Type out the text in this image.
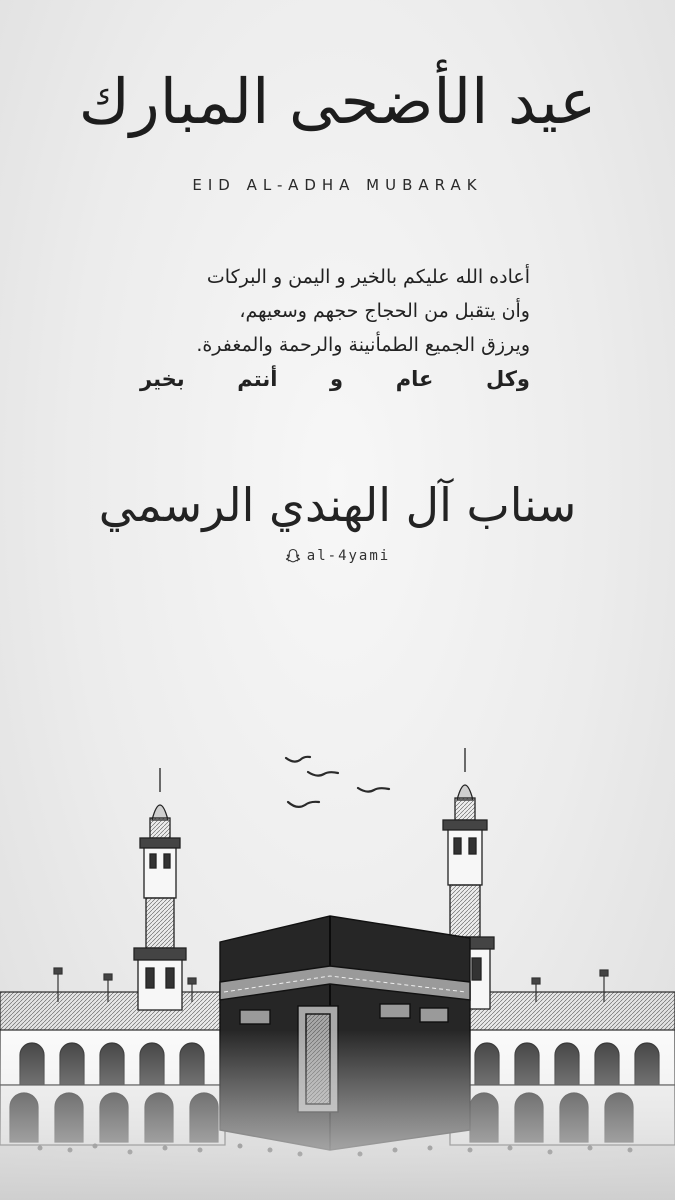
عيد الأضحى المبارك
EID AL-ADHA MUBARAK
أعاده الله عليكم بالخير و اليمن و البركات
وأن يتقبل من الحجاج حجهم وسعيهم،
ويرزق الجميع الطمأنينة والرحمة والمغفرة.
وكل عام و أنتم بخير
سناب آل الهندي الرسمي
al-4yami
